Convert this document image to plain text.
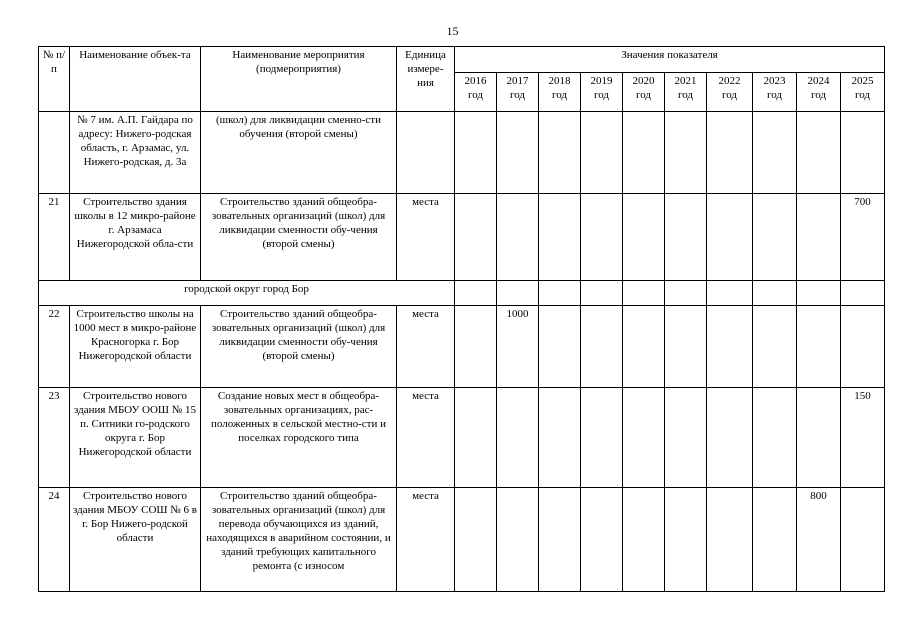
15
№ п/п	Наименование объек-та	Наименование мероприятия (подмероприятия)	Единица измере-ния	Значения показателя									
				2016 год	2017 год	2018 год	2019 год	2020 год	2021 год	2022 год	2023 год	2024 год	2025 год
	№ 7 им. А.П. Гайдара по адресу: Нижего-родская область, г. Арзамас, ул. Нижего-родская, д. 3а	(школ) для ликвидации сменно-сти обучения (второй смены)											
21	Строительство здания школы в 12 микро-районе г. Арзамаса Нижегородской обла-сти	Строительство зданий общеобра-зовательных организаций (школ) для ликвидации сменности обу-чения (второй смены)	места										700
городской округ город Бор													
22	Строительство школы на 1000 мест в микро-районе Красногорка г. Бор Нижегородской области	Строительство зданий общеобра-зовательных организаций (школ) для ликвидации сменности обу-чения (второй смены)	места		1000								
23	Строительство нового здания МБОУ ООШ № 15 п. Ситники го-родского округа г. Бор Нижегородской области	Создание новых мест в общеобра-зовательных организациях, рас-положенных в сельской местно-сти и поселках городского типа	места										150
24	Строительство нового здания МБОУ СОШ № 6 в г. Бор Нижего-родской области	Строительство зданий общеобра-зовательных организаций (школ) для перевода обучающихся из зданий, находящихся в аварийном состоянии, и зданий требующих капитального ремонта (с износом	места									800	
